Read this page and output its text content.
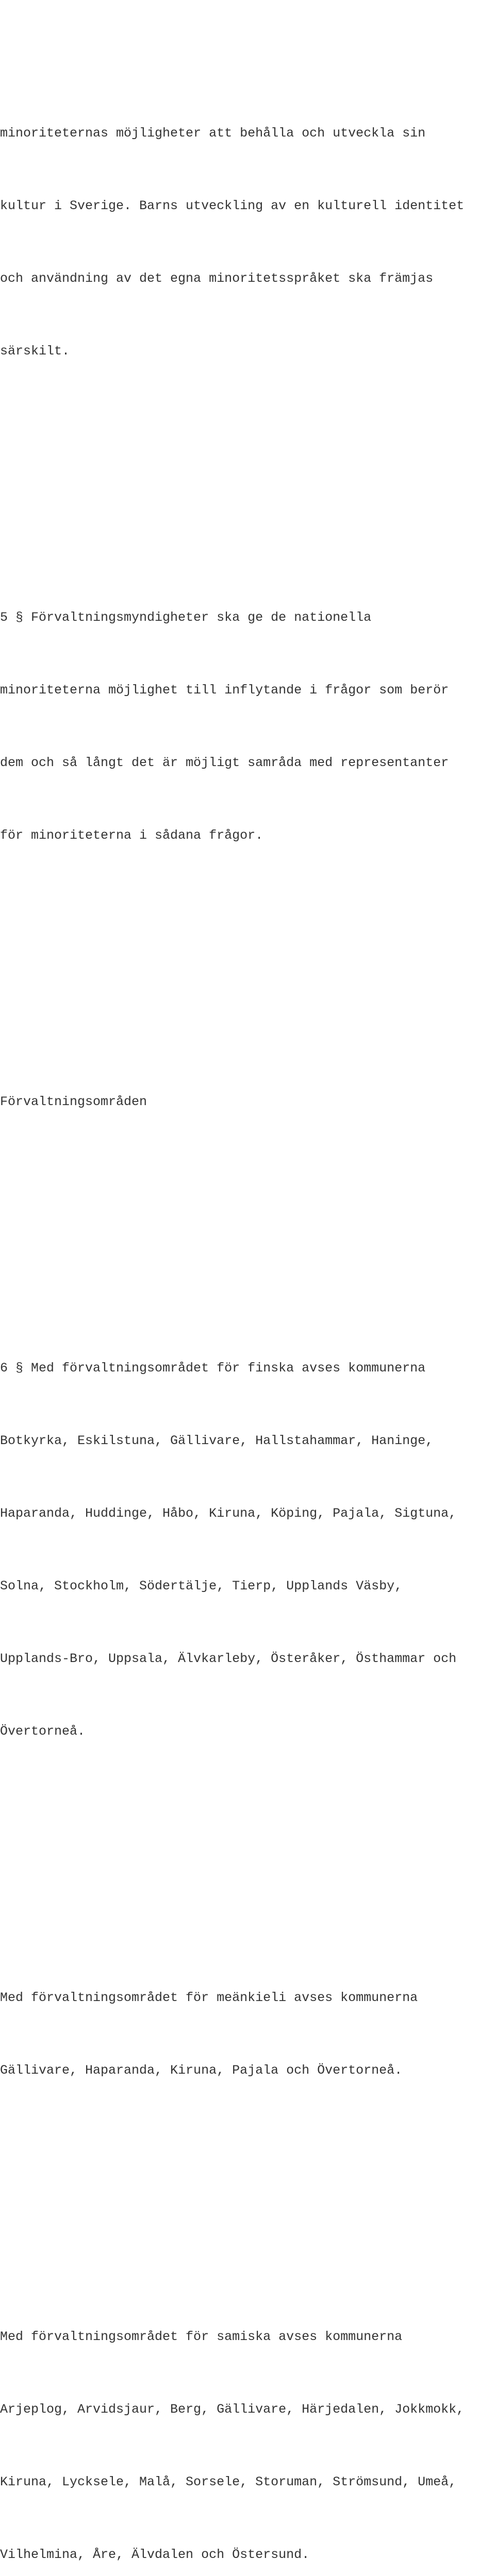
minoriteternas möjligheter att behålla och utveckla sin

kultur i Sverige. Barns utveckling av en kulturell identitet

och användning av det egna minoritetsspråket ska främjas

särskilt.

5 § Förvaltningsmyndigheter ska ge de nationella

minoriteterna möjlighet till inflytande i frågor som berör

dem och så långt det är möjligt samråda med representanter

för minoriteterna i sådana frågor.

Förvaltningsområden

6 § Med förvaltningsområdet för finska avses kommunerna

Botkyrka, Eskilstuna, Gällivare, Hallstahammar, Haninge,

Haparanda, Huddinge, Håbo, Kiruna, Köping, Pajala, Sigtuna,

Solna, Stockholm, Södertälje, Tierp, Upplands Väsby,

Upplands-Bro, Uppsala, Älvkarleby, Österåker, Östhammar och

Övertorneå.

Med förvaltningsområdet för meänkieli avses kommunerna

Gällivare, Haparanda, Kiruna, Pajala och Övertorneå.

Med förvaltningsområdet för samiska avses kommunerna

Arjeplog, Arvidsjaur, Berg, Gällivare, Härjedalen, Jokkmokk,

Kiruna, Lycksele, Malå, Sorsele, Storuman, Strömsund, Umeå,

Vilhelmina, Åre, Älvdalen och Östersund.
